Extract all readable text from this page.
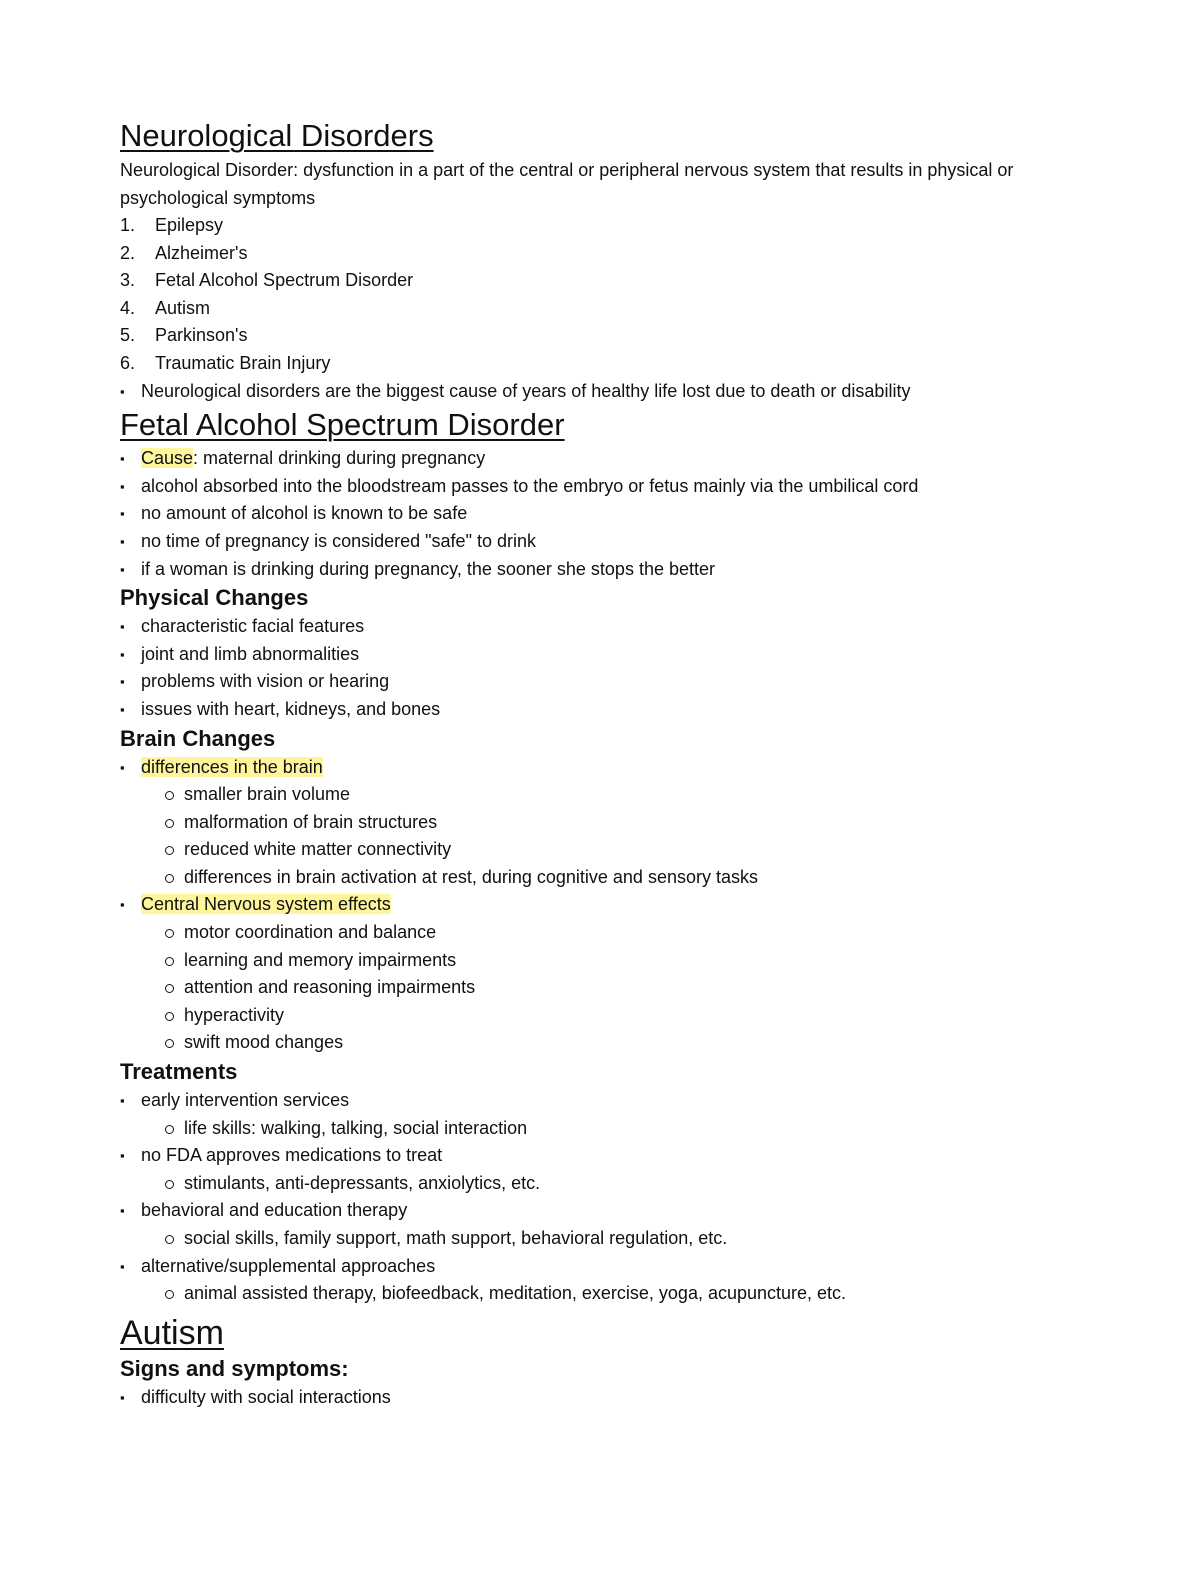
Neurological Disorders
Neurological Disorder: dysfunction in a part of the central or peripheral nervous system that results in physical or psychological symptoms
1. Epilepsy
2. Alzheimer's
3. Fetal Alcohol Spectrum Disorder
4. Autism
5. Parkinson's
6. Traumatic Brain Injury
▪ Neurological disorders are the biggest cause of years of healthy life lost due to death or disability
Fetal Alcohol Spectrum Disorder
▪ Cause: maternal drinking during pregnancy
▪ alcohol absorbed into the bloodstream passes to the embryo or fetus mainly via the umbilical cord
▪ no amount of alcohol is known to be safe
▪ no time of pregnancy is considered "safe" to drink
▪ if a woman is drinking during pregnancy, the sooner she stops the better
Physical Changes
▪ characteristic facial features
▪ joint and limb abnormalities
▪ problems with vision or hearing
▪ issues with heart, kidneys, and bones
Brain Changes
▪ differences in the brain
smaller brain volume
malformation of brain structures
reduced white matter connectivity
differences in brain activation at rest, during cognitive and sensory tasks
▪ Central Nervous system effects
motor coordination and balance
learning and memory impairments
attention and reasoning impairments
hyperactivity
swift mood changes
Treatments
▪ early intervention services
life skills: walking, talking, social interaction
▪ no FDA approves medications to treat
stimulants, anti-depressants, anxiolytics, etc.
▪ behavioral and education therapy
social skills, family support, math support, behavioral regulation, etc.
▪ alternative/supplemental approaches
animal assisted therapy, biofeedback, meditation, exercise, yoga, acupuncture, etc.
Autism
Signs and symptoms:
▪ difficulty with social interactions
